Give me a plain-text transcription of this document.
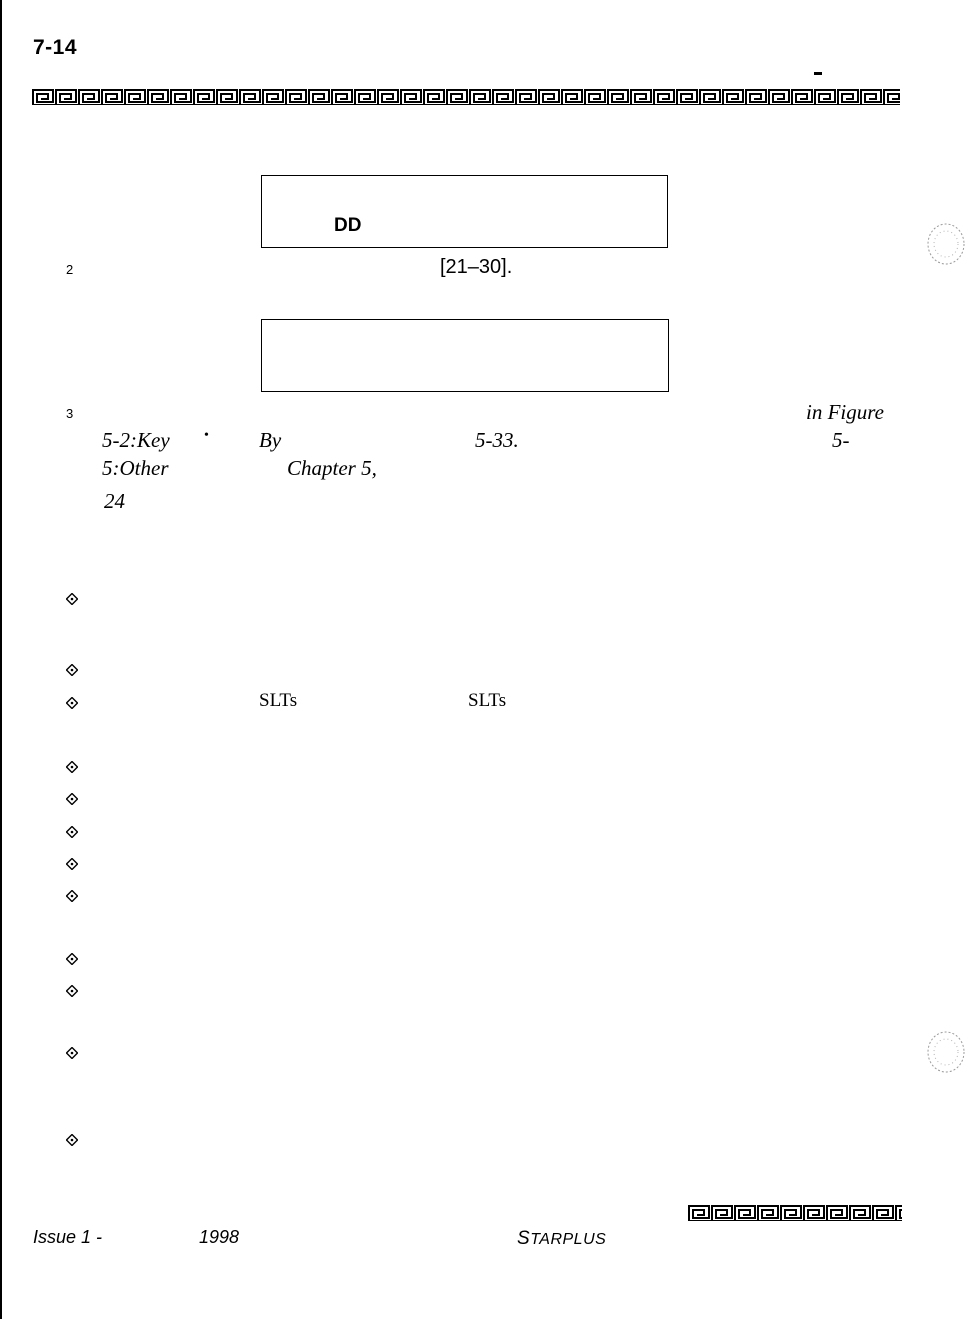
7-14
DD
2	[21–30].
3	in Figure
5-2:Key • By	5-33.	5-
5:Other	Chapter 5,
24
SLTs	SLTs
Issue 1 -	1998	STARPLUS
